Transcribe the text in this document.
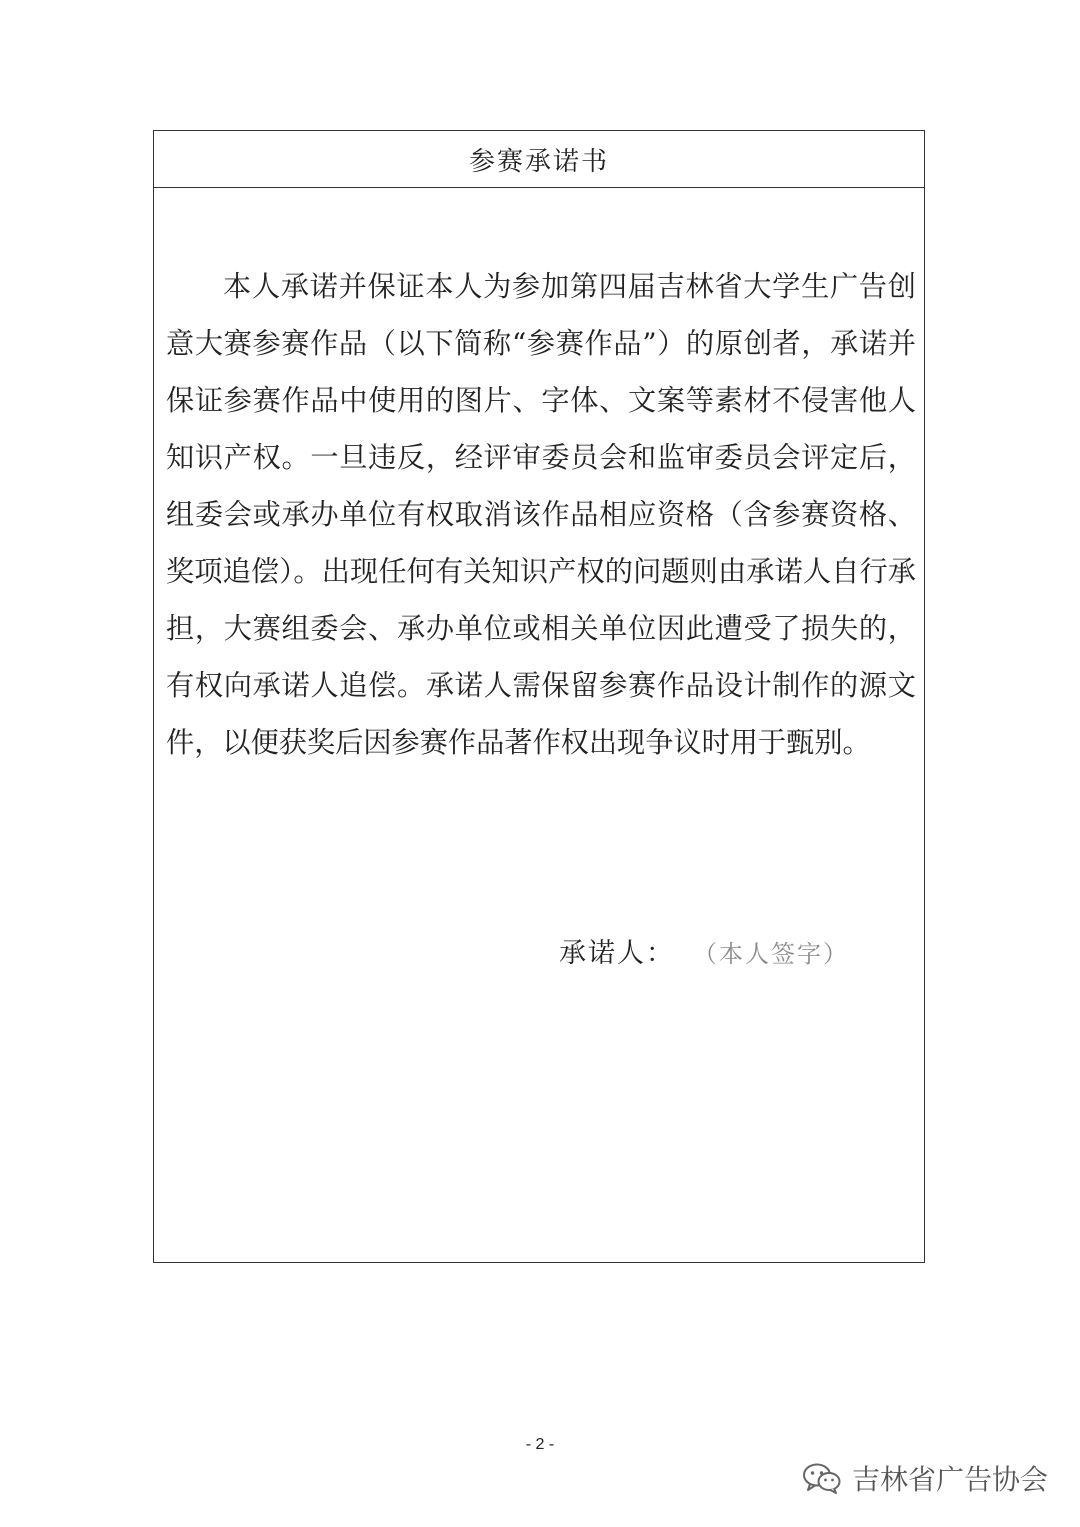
参赛承诺书

本人承诺并保证本人为参加第四届吉林省大学生广告创意大赛参赛作品（以下简称“参赛作品”）的原创者，承诺并保证参赛作品中使用的图片、字体、文案等素材不侵害他人知识产权。一旦违反，经评审委员会和监审委员会评定后，组委会或承办单位有权取消该作品相应资格（含参赛资格、奖项追偿）。出现任何有关知识产权的问题则由承诺人自行承担，大赛组委会、承办单位或相关单位因此遭受了损失的，有权向承诺人追偿。承诺人需保留参赛作品设计制作的源文件，以便获奖后因参赛作品著作权出现争议时用于甄别。

承诺人： （本人签字）
- 2 -
吉林省广告协会
